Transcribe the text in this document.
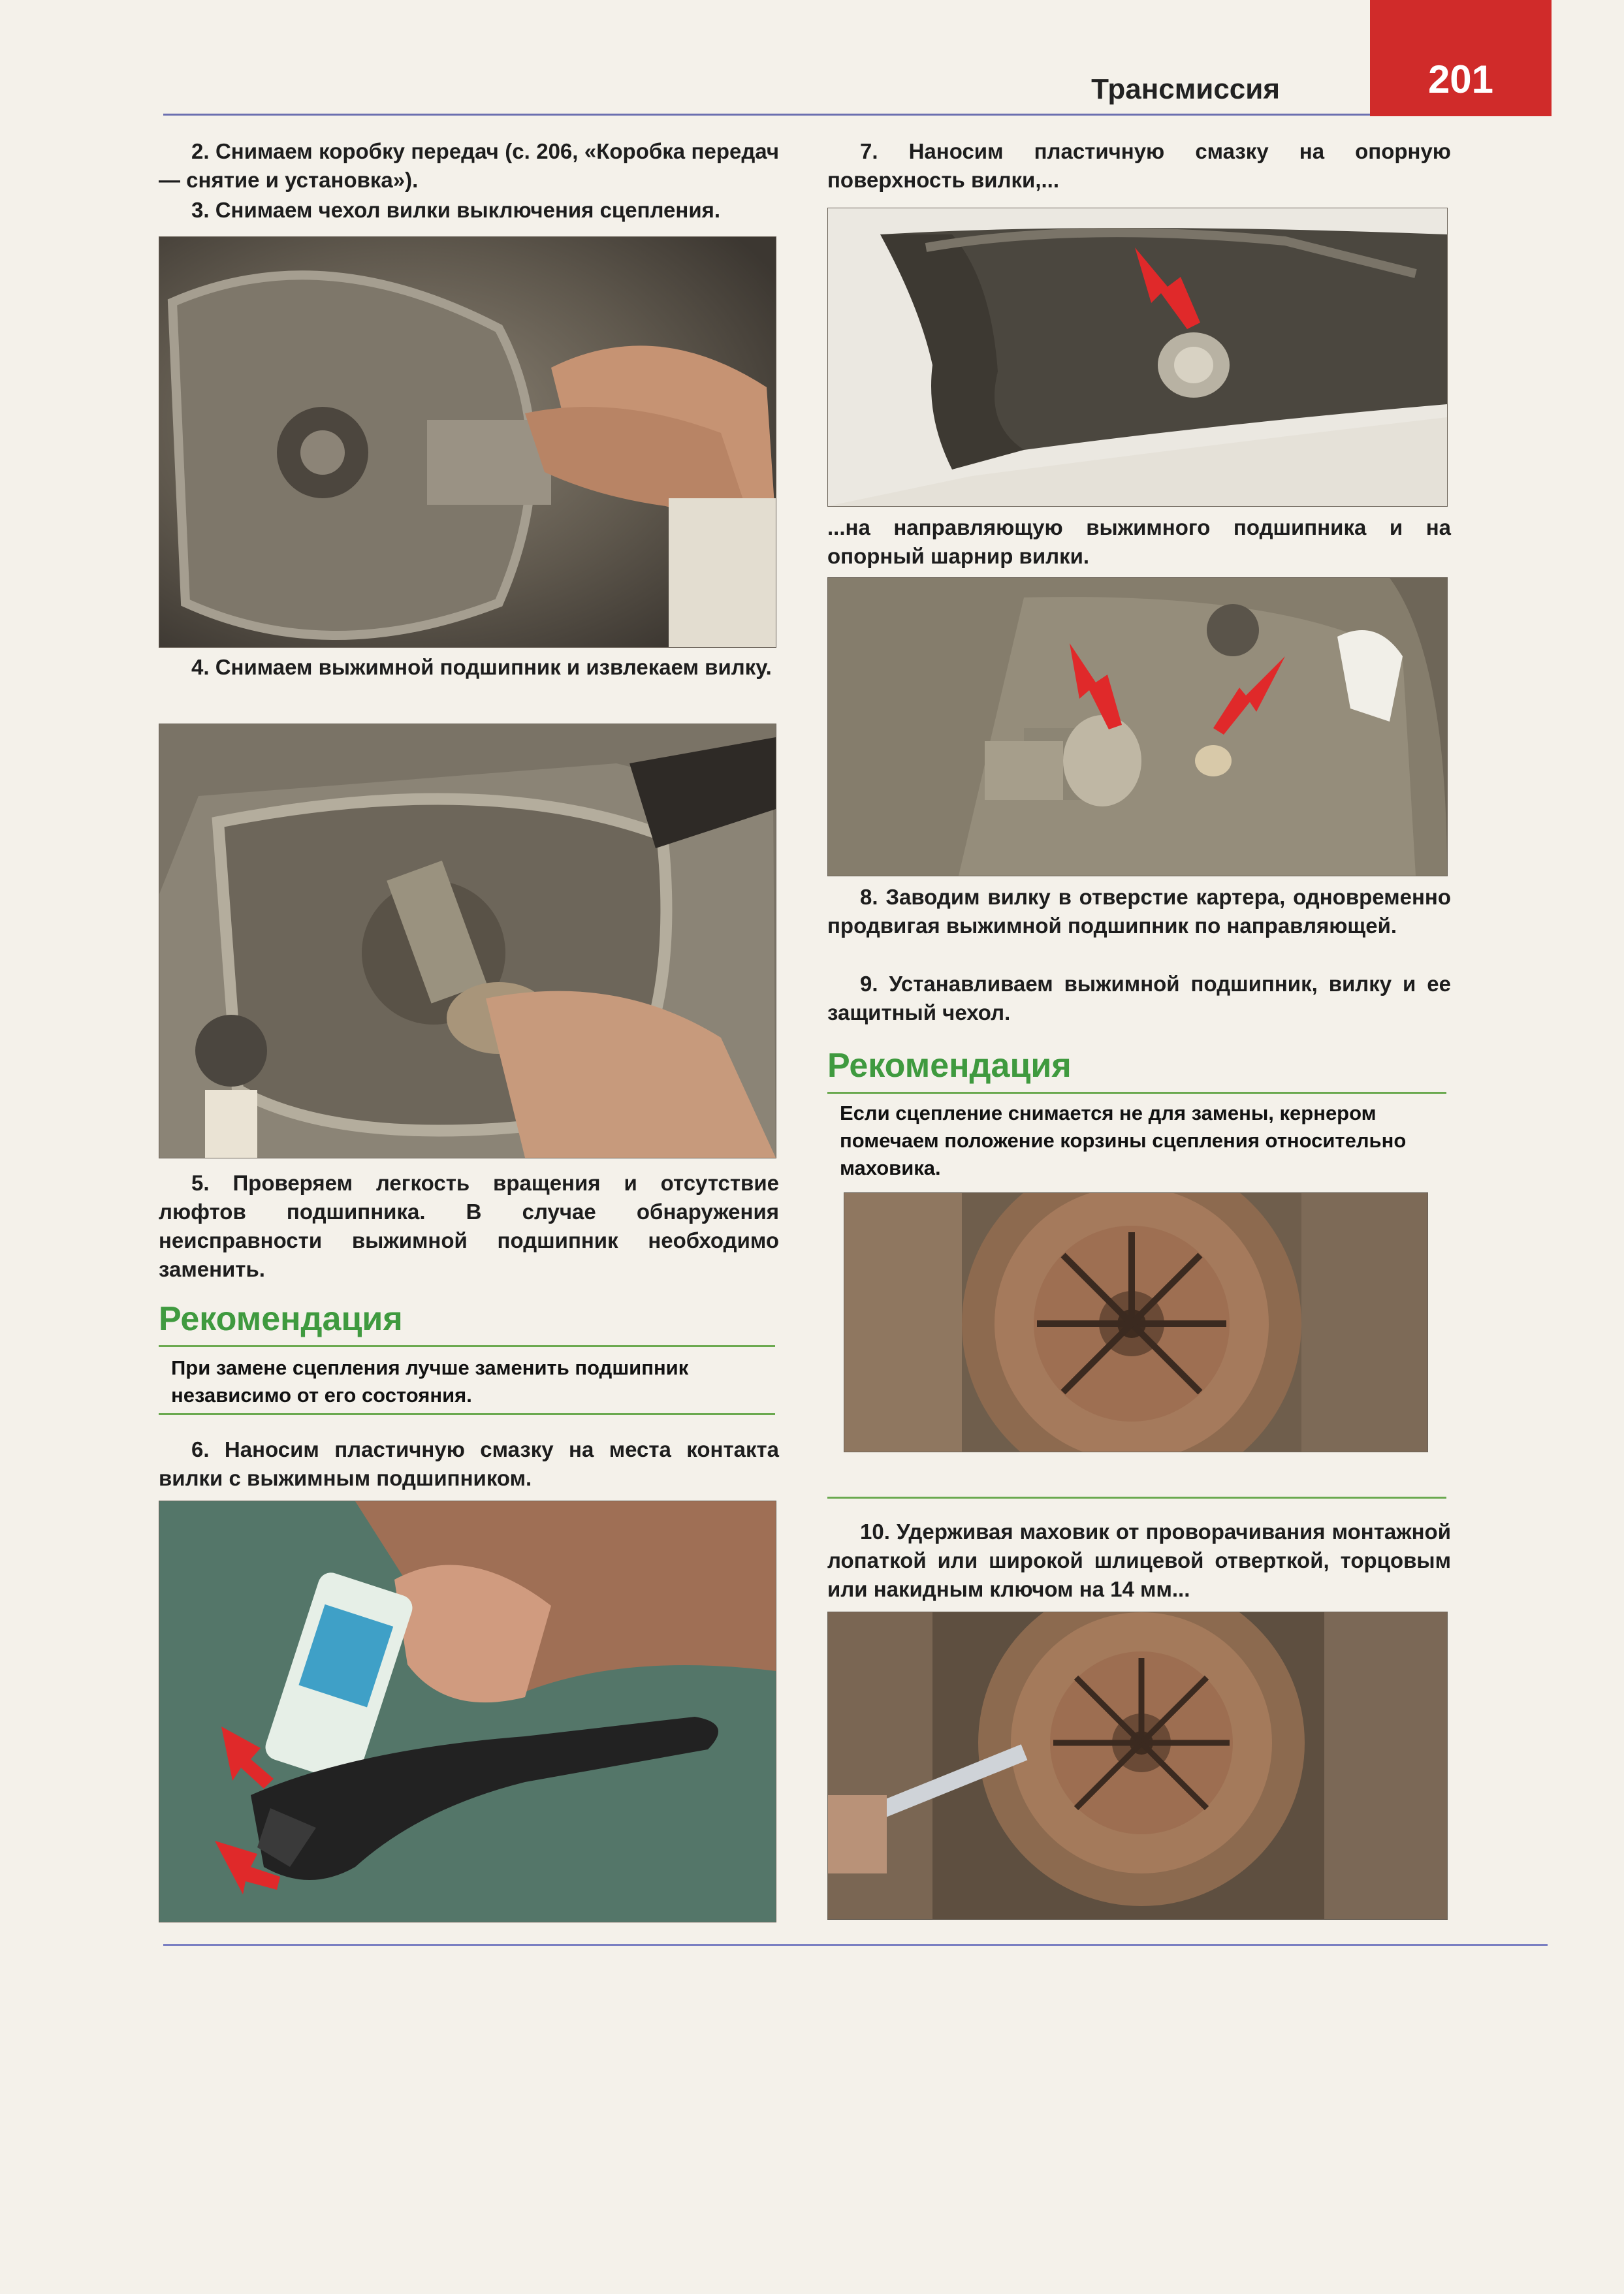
Трансмиссия	201

2. Снимаем коробку передач (с. 206, «Коробка передач — снятие и установка»).

3. Снимаем чехол вилки выключения сцепления.

4. Снимаем выжимной подшипник и извлекаем вилку.

5. Проверяем легкость вращения и отсутствие люфтов подшипника. В случае обнаружения неисправности выжимной подшипник необходимо заменить.

Рекомендация
При замене сцепления лучше заменить подшипник независимо от его состояния.

6. Наносим пластичную смазку на места контакта вилки с выжимным подшипником.

7. Наносим пластичную смазку на опорную поверхность вилки,...

...на направляющую выжимного подшипника и на опорный шарнир вилки.

8. Заводим вилку в отверстие картера, одновременно продвигая выжимной подшипник по направляющей.

9. Устанавливаем выжимной подшипник, вилку и ее защитный чехол.

Рекомендация
Если сцепление снимается не для замены, кернером помечаем положение корзины сцепления относительно маховика.

10. Удерживая маховик от проворачивания монтажной лопаткой или широкой шлицевой отверткой, торцовым или накидным ключом на 14 мм...
